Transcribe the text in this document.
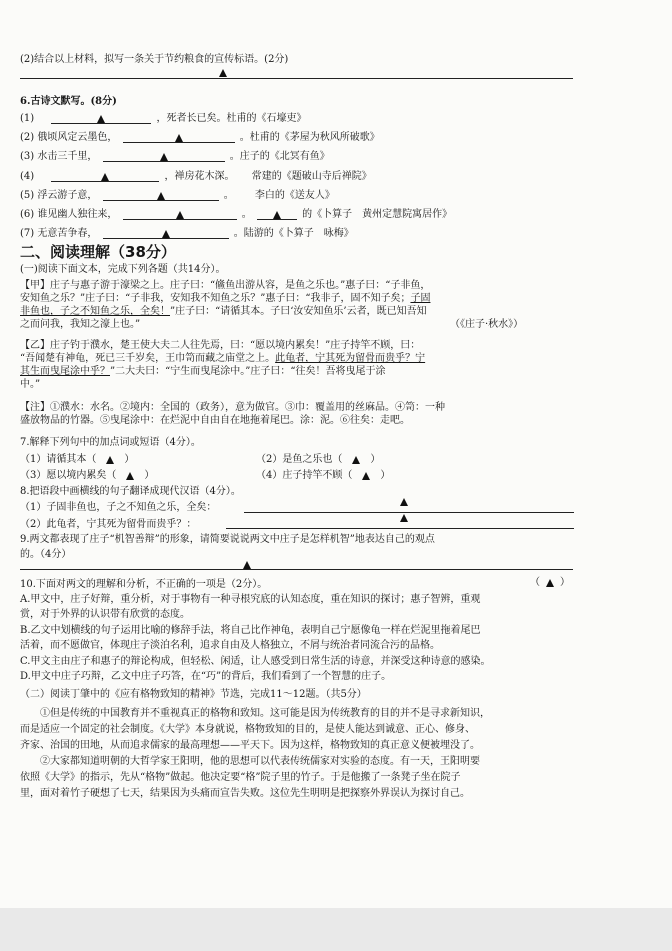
(2)结合以上材料，拟写一条关于节约粮食的宣传标语。(2分)
6.古诗文默写。(8分)
(1)	，死者长已矣。杜甫的《石壕吏》
(2) 俄顷风定云墨色，	。杜甫的《茅屋为秋风所破歌》
(3) 水击三千里，	。庄子的《北冥有鱼》
(4)	，禅房花木深。 常建的《题破山寺后禅院》
(5) 浮云游子意，	。 李白的《送友人》
(6) 谁见幽人独往来，	。	的《卜算子　黄州定慧院寓居作》
(7) 无意苦争春，	。陆游的《卜算子　咏梅》
二、阅读理解（38分）
(一)阅读下面文本，完成下列各题（共14分）。
【甲】庄子与惠子游于濠梁之上。庄子曰：“鯈鱼出游从容，是鱼之乐也。”惠子曰：“子非鱼，
安知鱼之乐？”庄子曰：“子非我，安知我不知鱼之乐？”惠子曰：“我非子，固不知子矣；子固
非鱼也，子之不知鱼之乐，全矣！”庄子曰：“请循其本。子曰‘汝安知鱼乐’云者，既已知吾知
之而问我，我知之濠上也。”	（《庄子·秋水》）
【乙】庄子钓于濮水，楚王使大夫二人往先焉，曰：“愿以境内累矣！”庄子持竿不顾，曰：
“吾闻楚有神龟，死已三千岁矣，王巾笥而藏之庙堂之上。此龟者，宁其死为留骨而贵乎？宁
其生而曳尾涂中乎？”二大夫曰：“宁生而曳尾涂中。”庄子曰：“往矣！吾将曳尾于涂
中。”
【注】①濮水：水名。②境内：全国的（政务），意为做官。③巾：覆盖用的丝麻品。④笥：一种
盛放物品的竹器。⑤曳尾涂中：在烂泥中自由自在地拖着尾巴。涂：泥。⑥往矣：走吧。
7.解释下列句中的加点词或短语（4分）。
（1）请循其本（	）	（2）是鱼之乐也（	）
（3）愿以境内累矣（	）	（4）庄子持竿不顾（	）
8.把语段中画横线的句子翻译成现代汉语（4分）。
（1）子固非鱼也，子之不知鱼之乐，全矣：
（2）此龟者，宁其死为留骨而贵乎？：
9.两文都表现了庄子“机智善辩”的形象，请简要说说两文中庄子是怎样机智”地表达自己的观点
的。（4分）
10.下面对两文的理解和分析，不正确的一项是（2分）。	（ ）
A.甲文中，庄子好辩，重分析，对于事物有一种寻根究底的认知态度，重在知识的探讨；惠子智辨，重观
赏，对于外界的认识带有欣赏的态度。
B.乙文中划横线的句子运用比喻的修辞手法，将自己比作神龟，表明自己宁愿像龟一样在烂泥里拖着尾巴
活着，而不愿做官，体现庄子淡泊名利，追求自由及人格独立，不屑与统治者同流合污的品格。
C.甲文主由庄子和惠子的辩论构成，但轻松、闲适，让人感受到日常生活的诗意，并深受这种诗意的感染。
D.甲文中庄子巧辩，乙文中庄子巧答，在“巧”的背后，我们看到了一个智慧的庄子。
（二）阅读丁肇中的《应有格物致知的精神》节选，完成11～12题。（共5分）
①但是传统的中国教育并不重视真正的格物和致知。这可能是因为传统教育的目的并不是寻求新知识，
而是适应一个固定的社会制度。《大学》本身就说，格物致知的目的，是使人能达到诚意、正心、修身、
齐家、治国的田地，从而追求儒家的最高理想——平天下。因为这样，格物致知的真正意义便被埋没了。
②大家都知道明朝的大哲学家王阳明，他的思想可以代表传统儒家对实验的态度。有一天，王阳明要
依照《大学》的指示，先从“格物”做起。他决定要“格”院子里的竹子。于是他搬了一条凳子坐在院子
里，面对着竹子硬想了七天，结果因为头痛而宣告失败。这位先生明明是把探察外界误认为探讨自己。
